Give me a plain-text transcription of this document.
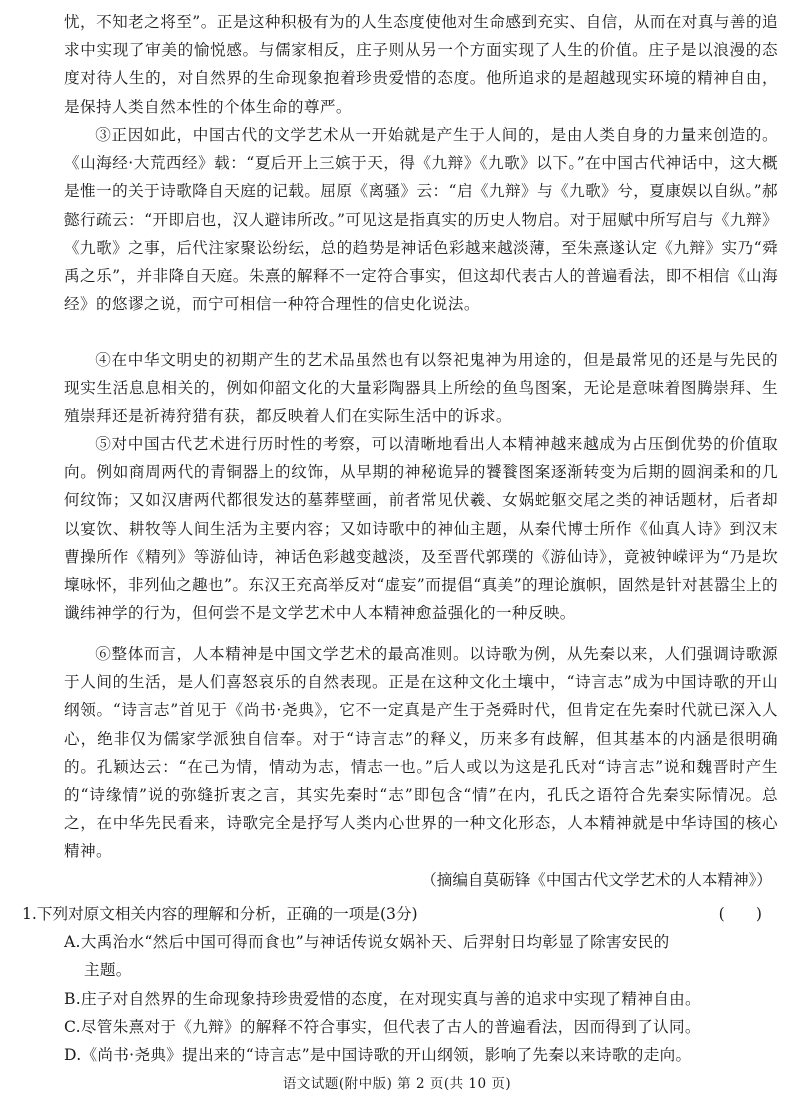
忧，不知老之将至”。正是这种积极有为的人生态度使他对生命感到充实、自信，从而在对真与善的追求中实现了审美的愉悦感。与儒家相反，庄子则从另一个方面实现了人生的价值。庄子是以浪漫的态度对待人生的，对自然界的生命现象抱着珍贵爱惜的态度。他所追求的是超越现实环境的精神自由，是保持人类自然本性的个体生命的尊严。

③正因如此，中国古代的文学艺术从一开始就是产生于人间的，是由人类自身的力量来创造的。《山海经·大荒西经》载：“夏后开上三嫔于天，得《九辩》《九歌》以下。”在中国古代神话中，这大概是惟一的关于诗歌降自天庭的记载。屈原《离骚》云：“启《九辩》与《九歌》兮，夏康娱以自纵。”郝懿行疏云：“开即启也，汉人避讳所改。”可见这是指真实的历史人物启。对于屈赋中所写启与《九辩》《九歌》之事，后代注家聚讼纷纭，总的趋势是神话色彩越来越淡薄，至朱熹遂认定《九辩》实乃“舜禹之乐”，并非降自天庭。朱熹的解释不一定符合事实，但这却代表古人的普遍看法，即不相信《山海经》的悠谬之说，而宁可相信一种符合理性的信史化说法。

④在中华文明史的初期产生的艺术品虽然也有以祭祀鬼神为用途的，但是最常见的还是与先民的现实生活息息相关的，例如仰韶文化的大量彩陶器具上所绘的鱼鸟图案，无论是意味着图腾崇拜、生殖崇拜还是祈祷狩猎有获，都反映着人们在实际生活中的诉求。

⑤对中国古代艺术进行历时性的考察，可以清晰地看出人本精神越来越成为占压倒优势的价值取向。例如商周两代的青铜器上的纹饰，从早期的神秘诡异的饕餮图案逐渐转变为后期的圆润柔和的几何纹饰；又如汉唐两代都很发达的墓葬壁画，前者常见伏羲、女娲蛇躯交尾之类的神话题材，后者却以宴饮、耕牧等人间生活为主要内容；又如诗歌中的神仙主题，从秦代博士所作《仙真人诗》到汉末曹操所作《精列》等游仙诗，神话色彩越变越淡，及至晋代郭璞的《游仙诗》，竟被钟嵘评为“乃是坎壈咏怀，非列仙之趣也”。东汉王充高举反对“虚妄”而提倡“真美”的理论旗帜，固然是针对甚嚣尘上的谶纬神学的行为，但何尝不是文学艺术中人本精神愈益强化的一种反映。

⑥整体而言，人本精神是中国文学艺术的最高准则。以诗歌为例，从先秦以来，人们强调诗歌源于人间的生活，是人们喜怒哀乐的自然表现。正是在这种文化土壤中，“诗言志”成为中国诗歌的开山纲领。“诗言志”首见于《尚书·尧典》，它不一定真是产生于尧舜时代，但肯定在先秦时代就已深入人心，绝非仅为儒家学派独自信奉。对于“诗言志”的释义，历来多有歧解，但其基本的内涵是很明确的。孔颖达云：“在己为情，情动为志，情志一也。”后人或以为这是孔氏对“诗言志”说和魏晋时产生的“诗缘情”说的弥缝折衷之言，其实先秦时“志”即包含“情”在内，孔氏之语符合先秦实际情况。总之，在中华先民看来，诗歌完全是抒写人类内心世界的一种文化形态，人本精神就是中华诗国的核心精神。

（摘编自莫砺锋《中国古代文学艺术的人本精神》）

1.下列对原文相关内容的理解和分析，正确的一项是(3分)	(　　)
A.大禹治水“然后中国可得而食也”与神话传说女娲补天、后羿射日均彰显了除害安民的
主题。
B.庄子对自然界的生命现象持珍贵爱惜的态度，在对现实真与善的追求中实现了精神自由。
C.尽管朱熹对于《九辩》的解释不符合事实，但代表了古人的普遍看法，因而得到了认同。
D.《尚书·尧典》提出来的“诗言志”是中国诗歌的开山纲领，影响了先秦以来诗歌的走向。
语文试题(附中版) 第 2 页(共 10 页)
